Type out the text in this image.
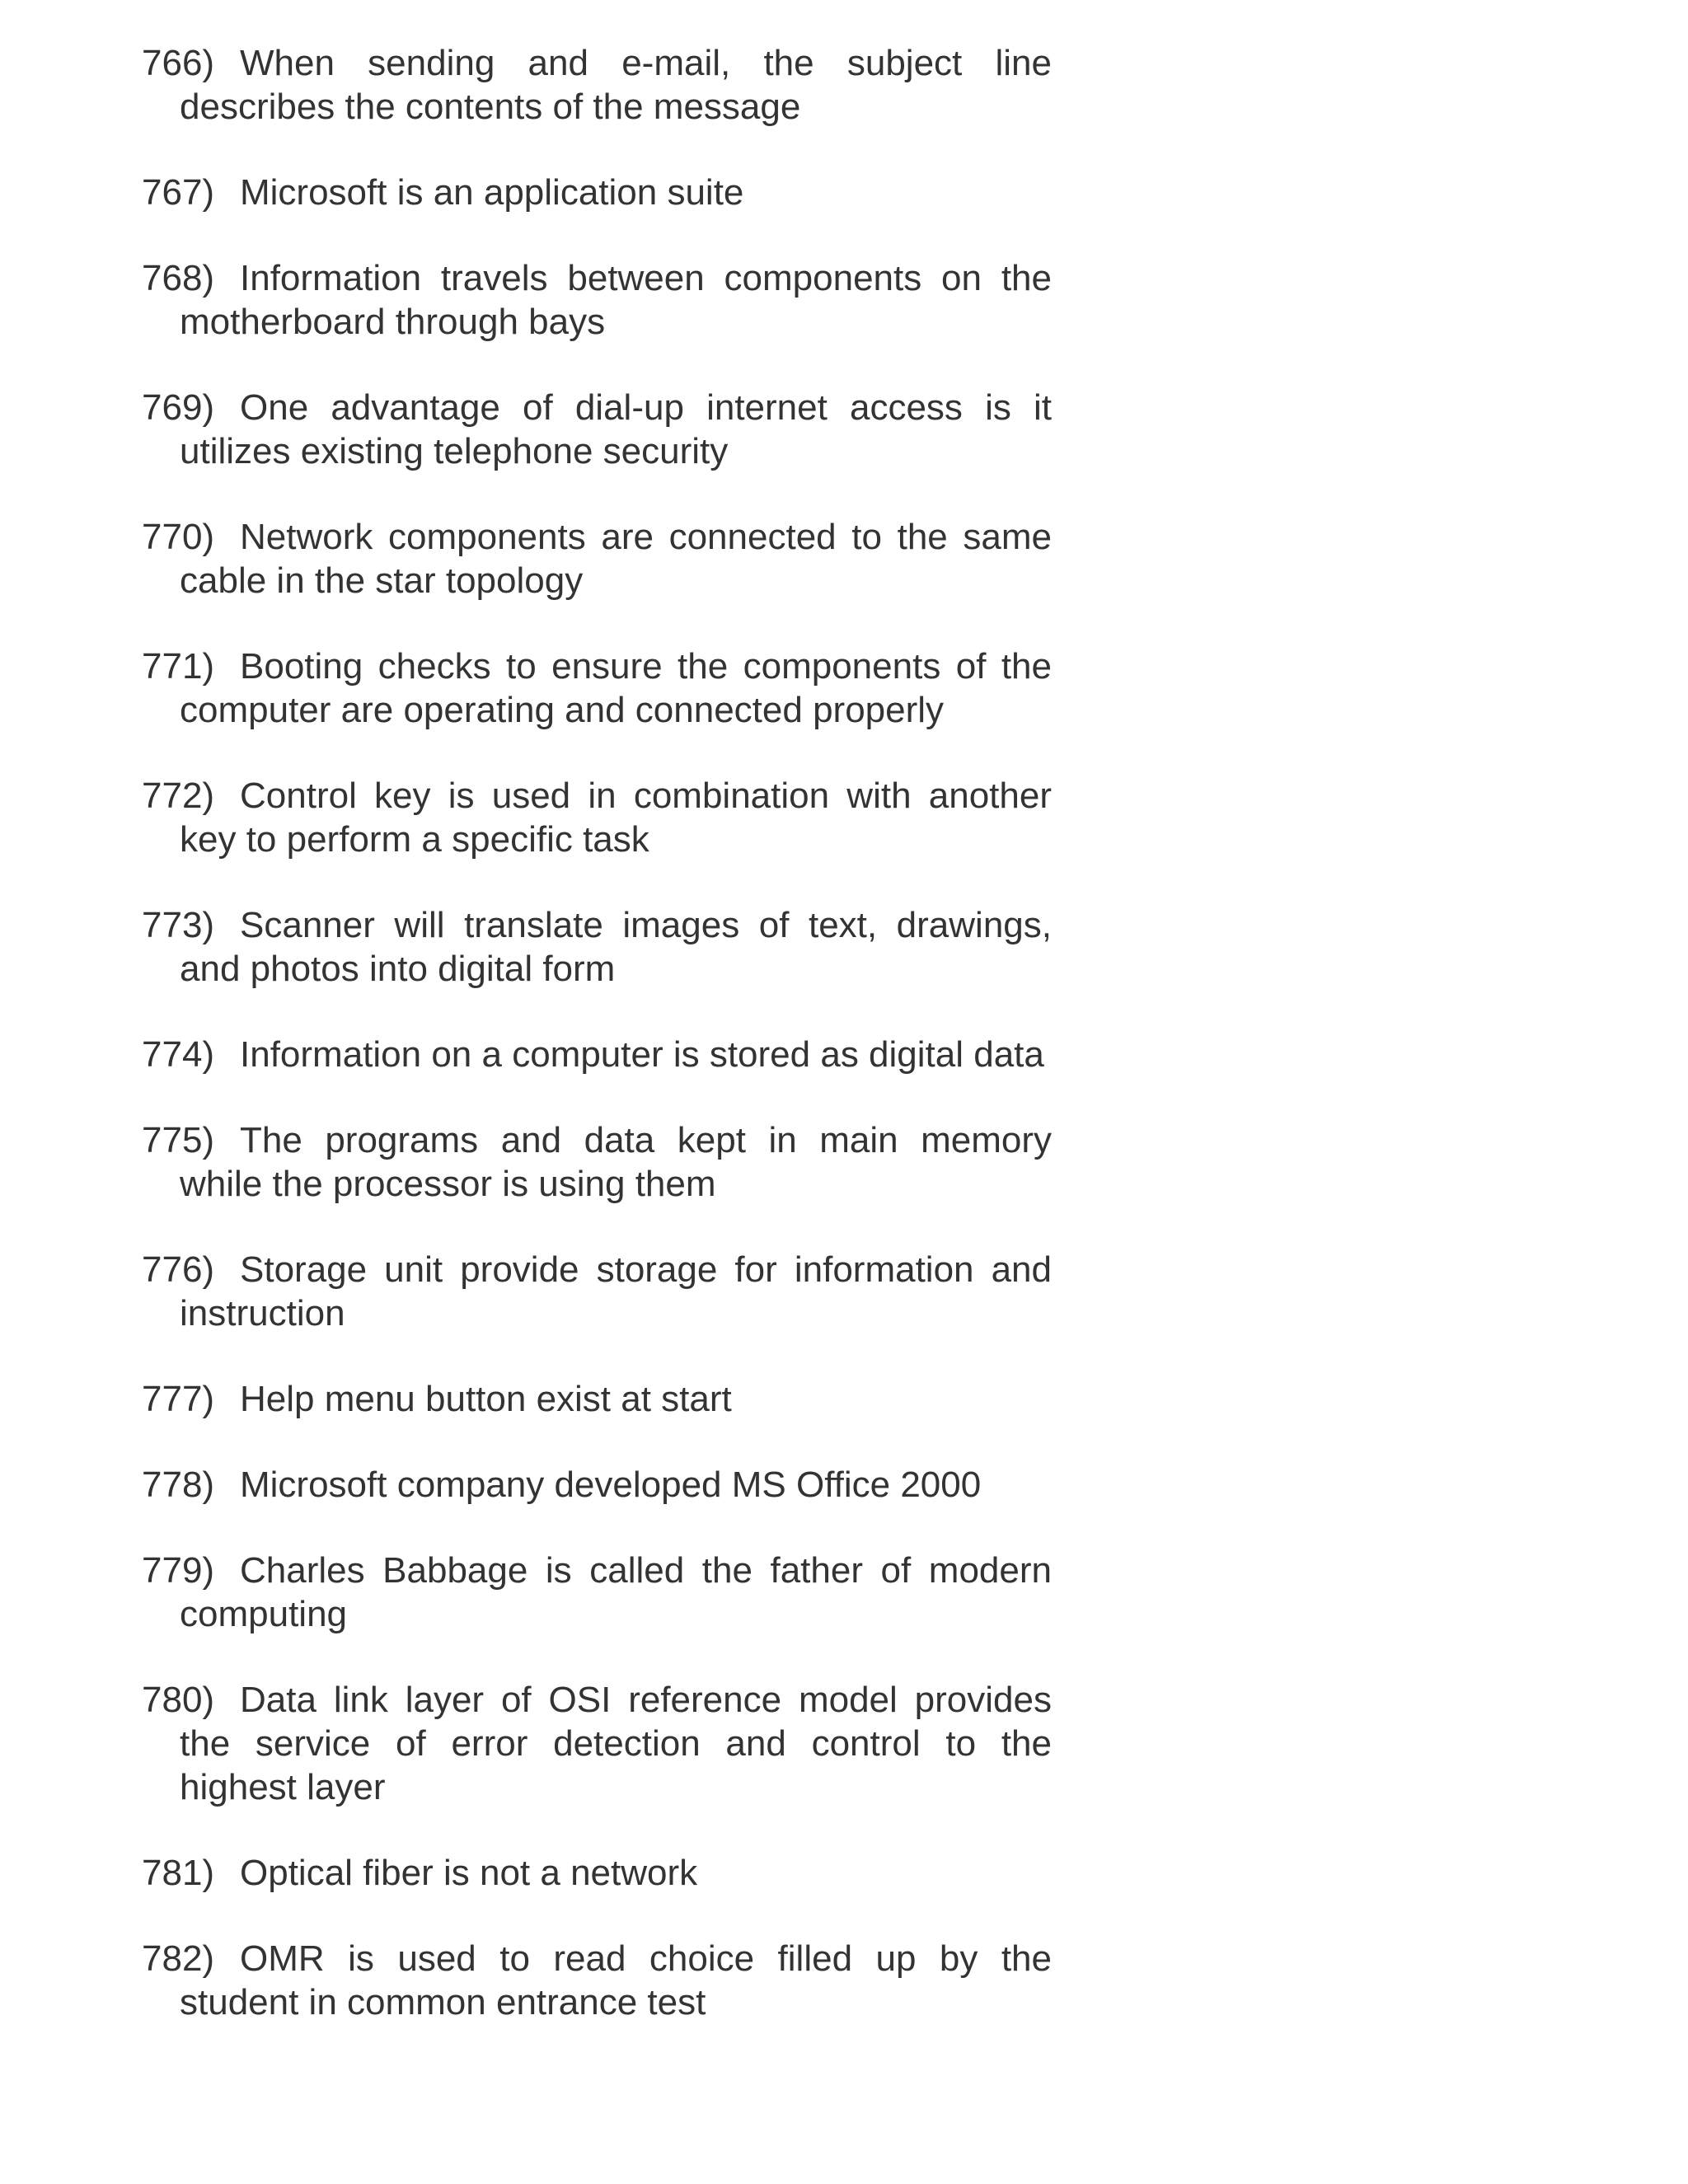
766) When sending and e-mail, the subject line describes the contents of the message

767) Microsoft is an application suite

768) Information travels between components on the motherboard through bays

769) One advantage of dial-up internet access is it utilizes existing telephone security

770) Network components are connected to the same cable in the star topology

771) Booting checks to ensure the components of the computer are operating and connected properly

772) Control key is used in combination with another key to perform a specific task

773) Scanner will translate images of text, drawings, and photos into digital form

774) Information on a computer is stored as digital data

775) The programs and data kept in main memory while the processor is using them

776) Storage unit provide storage for information and instruction

777) Help menu button exist at start

778) Microsoft company developed MS Office 2000

779) Charles Babbage is called the father of modern computing

780) Data link layer of OSI reference model provides the service of error detection and control to the highest layer

781) Optical fiber is not a network

782) OMR is used to read choice filled up by the student in common entrance test
